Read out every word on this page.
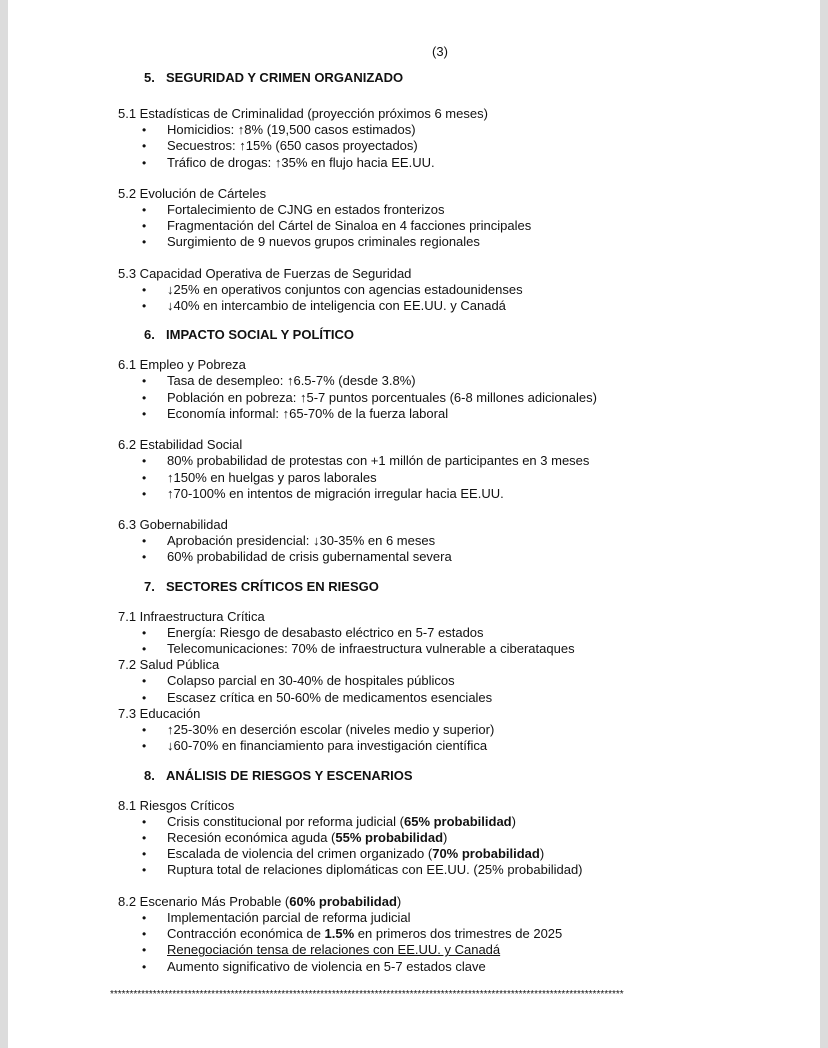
(3)
5. SEGURIDAD Y CRIMEN ORGANIZADO
5.1 Estadísticas de Criminalidad (proyección próximos 6 meses)
• Homicidios: ↑8% (19,500 casos estimados)
• Secuestros: ↑15% (650 casos proyectados)
• Tráfico de drogas: ↑35% en flujo hacia EE.UU.
5.2 Evolución de Cárteles
• Fortalecimiento de CJNG en estados fronterizos
• Fragmentación del Cártel de Sinaloa en 4 facciones principales
• Surgimiento de 9 nuevos grupos criminales regionales
5.3 Capacidad Operativa de Fuerzas de Seguridad
• ↓25% en operativos conjuntos con agencias estadounidenses
• ↓40% en intercambio de inteligencia con EE.UU. y Canadá
6. IMPACTO SOCIAL Y POLÍTICO
6.1 Empleo y Pobreza
• Tasa de desempleo: ↑6.5-7% (desde 3.8%)
• Población en pobreza: ↑5-7 puntos porcentuales (6-8 millones adicionales)
• Economía informal: ↑65-70% de la fuerza laboral
6.2 Estabilidad Social
• 80% probabilidad de protestas con +1 millón de participantes en 3 meses
• ↑150% en huelgas y paros laborales
• ↑70-100% en intentos de migración irregular hacia EE.UU.
6.3 Gobernabilidad
• Aprobación presidencial: ↓30-35% en 6 meses
• 60% probabilidad de crisis gubernamental severa
7. SECTORES CRÍTICOS EN RIESGO
7.1 Infraestructura Crítica
• Energía: Riesgo de desabasto eléctrico en 5-7 estados
• Telecomunicaciones: 70% de infraestructura vulnerable a ciberataques
7.2 Salud Pública
• Colapso parcial en 30-40% de hospitales públicos
• Escasez crítica en 50-60% de medicamentos esenciales
7.3 Educación
• ↑25-30% en deserción escolar (niveles medio y superior)
• ↓60-70% en financiamiento para investigación científica
8. ANÁLISIS DE RIESGOS Y ESCENARIOS
8.1 Riesgos Críticos
• Crisis constitucional por reforma judicial (65% probabilidad)
• Recesión económica aguda (55% probabilidad)
• Escalada de violencia del crimen organizado (70% probabilidad)
• Ruptura total de relaciones diplomáticas con EE.UU. (25% probabilidad)
8.2 Escenario Más Probable (60% probabilidad)
• Implementación parcial de reforma judicial
• Contracción económica de 1.5% en primeros dos trimestres de 2025
• Renegociación tensa de relaciones con EE.UU. y Canadá
• Aumento significativo de violencia en 5-7 estados clave
************************************************************************************************************************************
